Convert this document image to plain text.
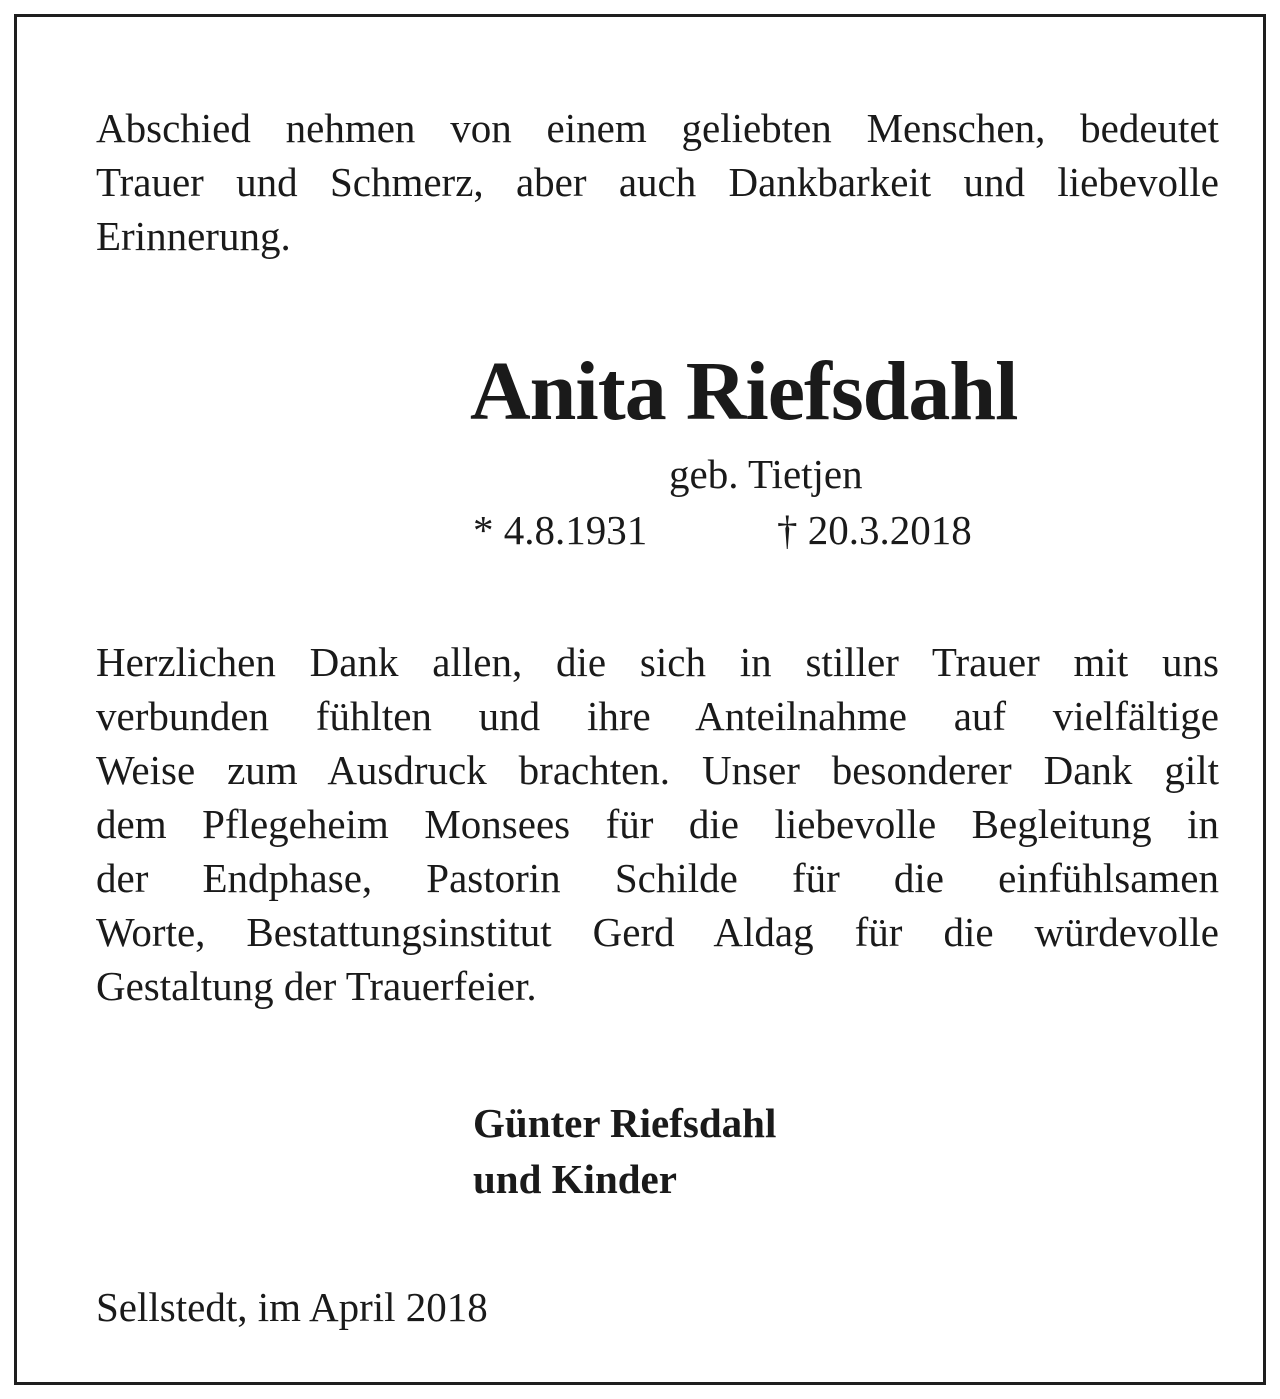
Abschied nehmen von einem geliebten Menschen, bedeutet
Trauer und Schmerz, aber auch Dankbarkeit und liebevolle
Erinnerung.

Anita Riefsdahl
geb. Tietjen
* 4.8.1931	† 20.3.2018

Herzlichen Dank allen, die sich in stiller Trauer mit uns
verbunden fühlten und ihre Anteilnahme auf vielfältige
Weise zum Ausdruck brachten. Unser besonderer Dank gilt
dem Pflegeheim Monsees für die liebevolle Begleitung in
der Endphase, Pastorin Schilde für die einfühlsamen
Worte, Bestattungsinstitut Gerd Aldag für die würdevolle
Gestaltung der Trauerfeier.

Günter Riefsdahl
und Kinder
Sellstedt, im April 2018
